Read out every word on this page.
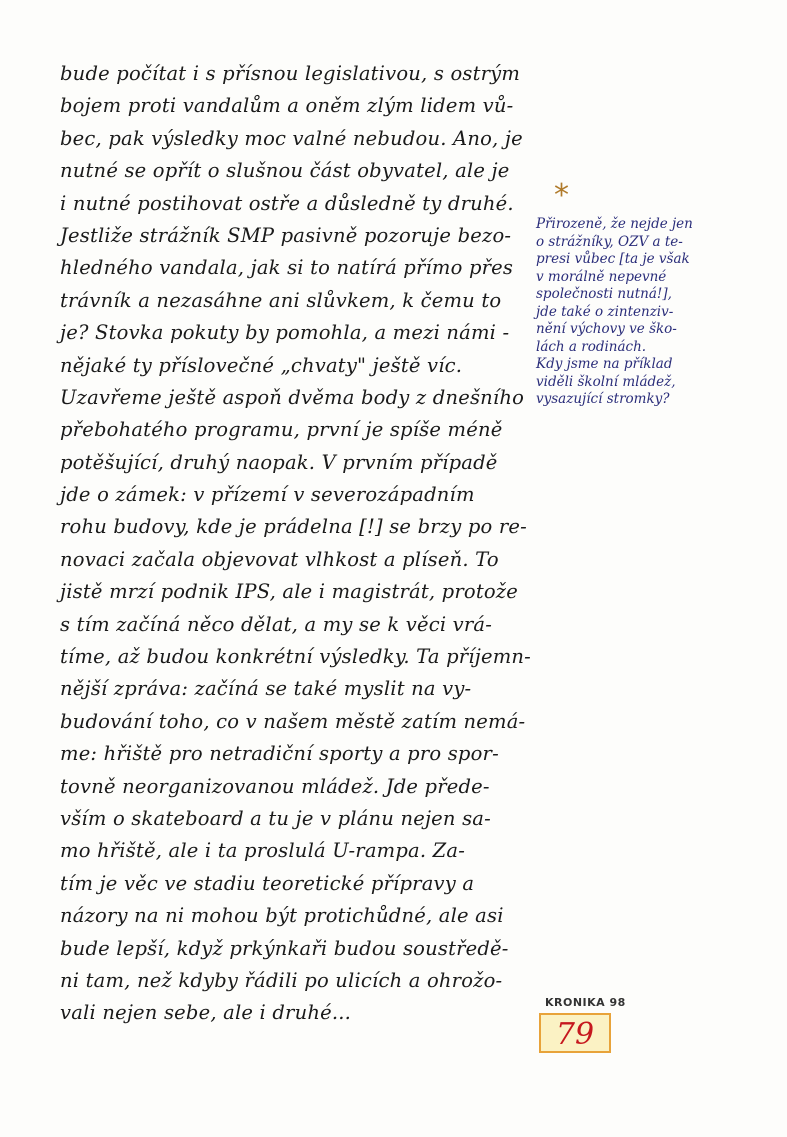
bude počítat i s přísnou legislativou, s ostrým
bojem proti vandalům a oněm zlým lidem vů-
bec, pak výsledky moc valné nebudou. Ano, je
nutné se opřít o slušnou část obyvatel, ale je
i nutné postihovat ostře a důsledně ty druhé.
Jestliže strážník SMP pasivně pozoruje bezo-
hledného vandala, jak si to natírá přímo přes
trávník a nezasáhne ani slůvkem, k čemu to
je? Stovka pokuty by pomohla, a mezi námi -
nějaké ty příslovečné „chvaty" ještě víc.
Uzavřeme ještě aspoň dvěma body z dnešního
přebohatého programu, první je spíše méně
potěšující, druhý naopak. V prvním případě
jde o zámek: v přízemí v severozápadním
rohu budovy, kde je prádelna [!] se brzy po re-
novaci začala objevovat vlhkost a plíseň. To
jistě mrzí podnik IPS, ale i magistrát, protože
s tím začíná něco dělat, a my se k věci vrá-
tíme, až budou konkrétní výsledky. Ta příjemn-
nější zpráva: začíná se také myslit na vy-
budování toho, co v našem městě zatím nemá-
me: hřiště pro netradiční sporty a pro spor-
tovně neorganizovanou mládež. Jde přede-
vším o skateboard a tu je v plánu nejen sa-
mo hřiště, ale i ta proslulá U-rampa. Za-
tím je věc ve stadiu teoretické přípravy a
názory na ni mohou být protichůdné, ale asi
bude lepší, když prkýnkaři budou soustředě-
ni tam, než kdyby řádili po ulicích a ohrožo-
vali nejen sebe, ale i druhé...
*
Přirozeně, že nejde jen
o strážníky, OZV a te-
presi vůbec [ta je však
v morálně nepevné
společnosti nutná!],
jde také o zintenziv-
nění výchovy ve ško-
lách a rodinách.
Kdy jsme na příklad
viděli školní mládež,
vysazující stromky?
KRONIKA 98
79
